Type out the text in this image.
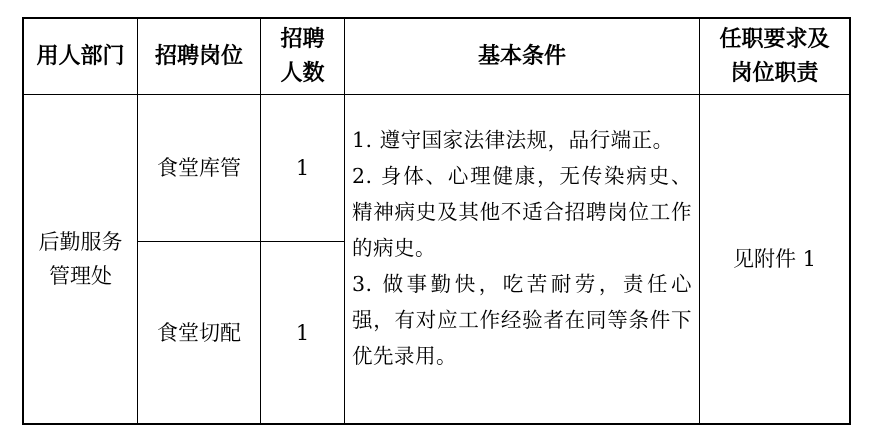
用人部门 招聘岗位
招聘
人数
基本条件
任职要求及
岗位职责
后勤服务
管理处
食堂库管	1
食堂切配	1

1. 遵守国家法律法规，品行端正。

2. 身体、心理健康，无传染病史、精神病史及其他不适合招聘岗位工作的病史。

3. 做事勤快，吃苦耐劳，责任心强，有对应工作经验者在同等条件下优先录用。

见附件 1
